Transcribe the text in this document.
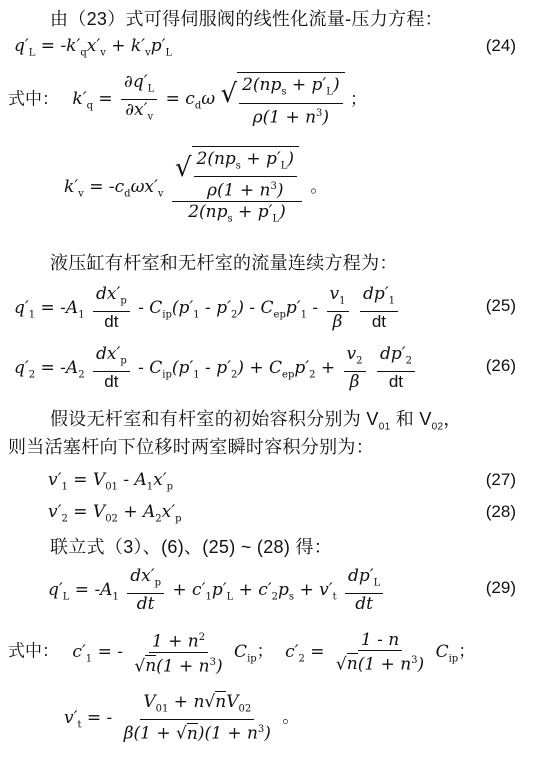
由（23）式可得伺服阀的线性化流量-压力方程：
$q'_L = -k'_qx'_v + k'_vp'_L$	(24)
式中： $k'_q = \frac{\partial q'_L}{\partial x'_v} = c_d\omega$ √ $\frac{2(np_s + p'_L)}{\rho(1 + n^3)}$ ；
$k'_v = -c_d\omega x'_v \frac{√ \frac{2(np_s + p'_L)}{\rho(1 + n^3)}}{2(np_s + p'_L)}$ 。
液压缸有杆室和无杆室的流量连续方程为：
$q'_1 = -A_1 \frac{dx'_p}{dt} - C_{ip}(p'_1 - p'_2) - C_{ep}p'_1 - \frac{v_1}{\beta}$
$\frac{dp'_1}{dt}$	(25)
$q'_2 = -A_2 \frac{dx'_p}{dt} - C_{ip}(p'_1 - p'_2) + C_{ep}p'_2 + \frac{v_2}{\beta}$
$\frac{dp'_2}{dt}$	(26)
假设无杆室和有杆室的初始容积分别为 $V_{01}$ 和 $V_{02}$，
则当活塞杆向下位移时两室瞬时容积分别为：
$v'_1 = V_{01} - A_1x'_p$	(27)
$v'_2 = V_{02} + A_2x'_p$	(28)
联立式（3）、(6)、(25) ~ (28) 得：
$q'_L = -A_1 \frac{dx'_p}{dt} + c'_1p'_L + c'_2p_s + v'_t \frac{dp'_L}{dt}$	(29)
式中： $c'_1$ = - $\frac{1 + n^2}{√n(1 + n^3)} C_{ip}$； $c'_2 = \frac{1 - n}{√n(1 + n^3)} C_{ip}$；
$v'_t$ = - $\frac{V_{01} + n√nV_{02}}{\beta(1 + √n)(1 + n^3)}$ 。
